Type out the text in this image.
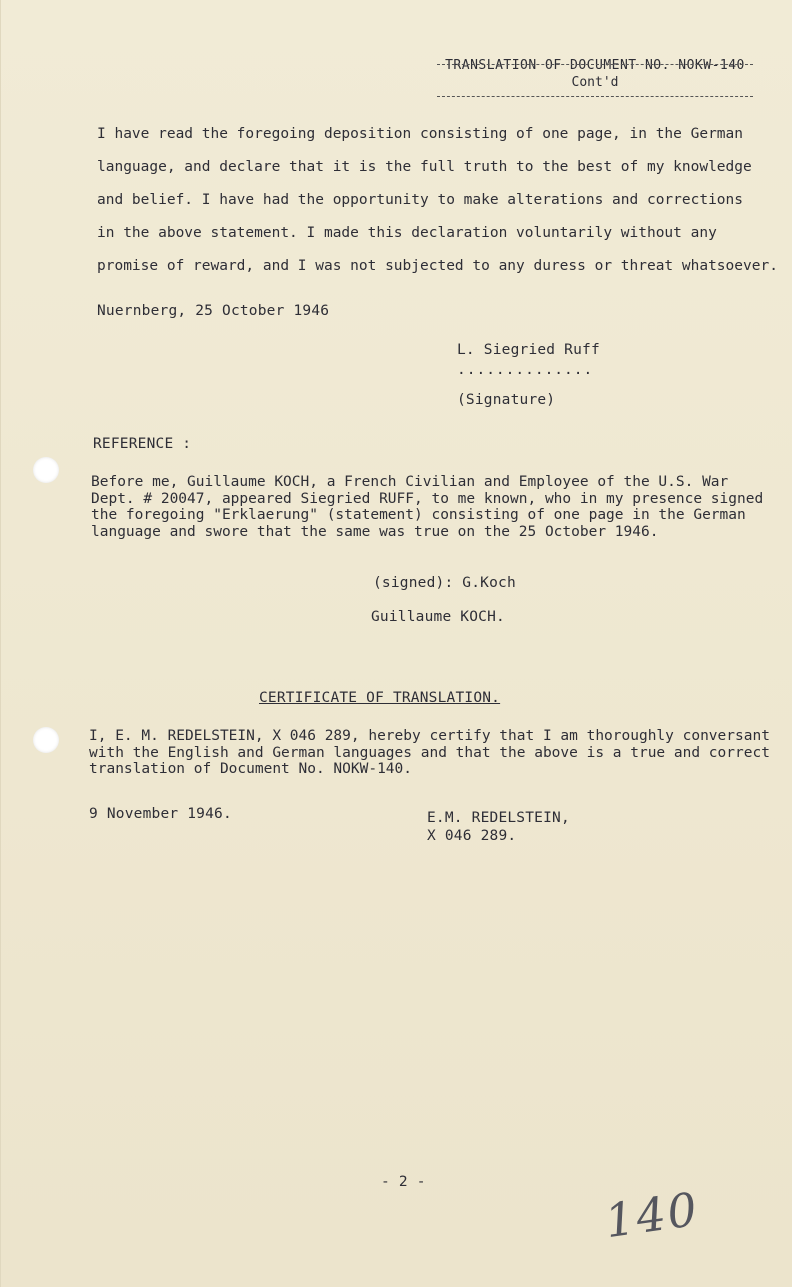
TRANSLATION OF DOCUMENT NO. NOKW-140
Cont'd
I have read the foregoing deposition consisting of one page, in the German
language, and declare that it is the full truth to the best of my knowledge
and belief. I have had the opportunity to make alterations and corrections
in the above statement. I made this declaration voluntarily without any
promise of reward, and I was not subjected to any duress or threat whatsoever.
Nuernberg, 25 October 1946
L. Siegried Ruff
..............
(Signature)
REFERENCE :
Before me, Guillaume KOCH, a French Civilian and Employee of the U.S. War
Dept. # 20047, appeared Siegried RUFF, to me known, who in my presence signed
the foregoing "Erklaerung" (statement) consisting of one page in the German
language and swore that the same was true on the 25 October 1946.
(signed): G.Koch
Guillaume KOCH.
CERTIFICATE OF TRANSLATION.
I, E. M. REDELSTEIN, X 046 289, hereby certify that I am thoroughly conversant
with the English and German languages and that the above is a true and correct
translation of Document No. NOKW-140.
9 November 1946.	E.M. REDELSTEIN,
X 046 289.
- 2 -	140
